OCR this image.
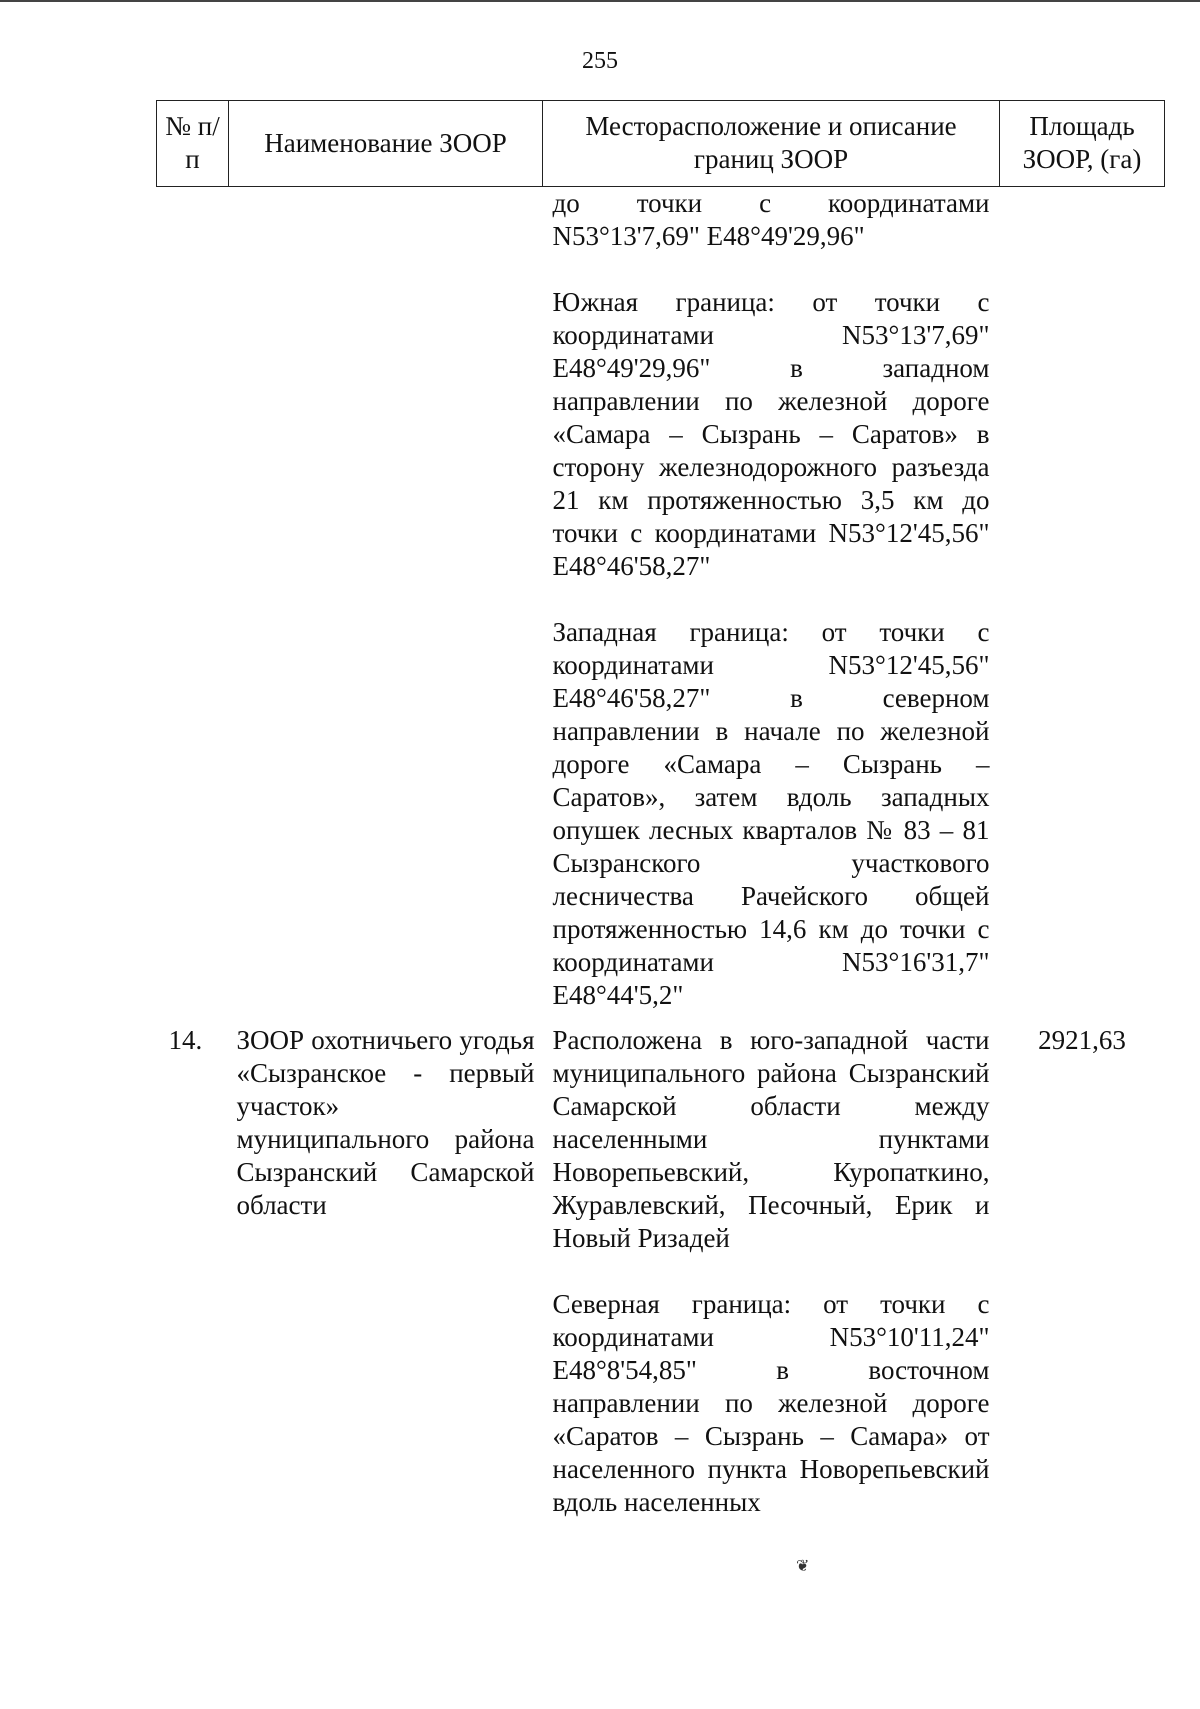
255
№ п/п	Наименование ЗООР	Месторасположение и описание границ ЗООР	Площадь ЗООР, (га)

		до точки с координатами N53°13'7,69" E48°49'29,96"
Южная граница: от точки с координатами N53°13'7,69" E48°49'29,96" в западном направлении по железной дороге «Самара – Сызрань – Саратов» в сторону железнодорожного разъезда 21 км протяженностью 3,5 км до точки с координатами N53°12'45,56" E48°46'58,27"
Западная граница: от точки с координатами N53°12'45,56" E48°46'58,27" в северном направлении в начале по железной дороге «Самара – Сызрань – Саратов», затем вдоль западных опушек лесных кварталов № 83 – 81 Сызранского участкового лесничества Рачейского общей протяженностью 14,6 км до точки с координатами N53°16'31,7" E48°44'5,2"	

14.	ЗООР охотничьего угодья «Сызранское - первый участок» муниципального района Сызранский Самарской области	Расположена в юго-западной части муниципального района Сызранский Самарской области между населенными пунктами Новорепьевский, Куропаткино, Журавлевский, Песочный, Ерик и Новый Ризадей
Северная граница: от точки с координатами N53°10'11,24" E48°8'54,85" в восточном направлении по железной дороге «Саратов – Сызрань – Самара» от населенного пункта Новорепьевский вдоль населенных	2921,63
❦
